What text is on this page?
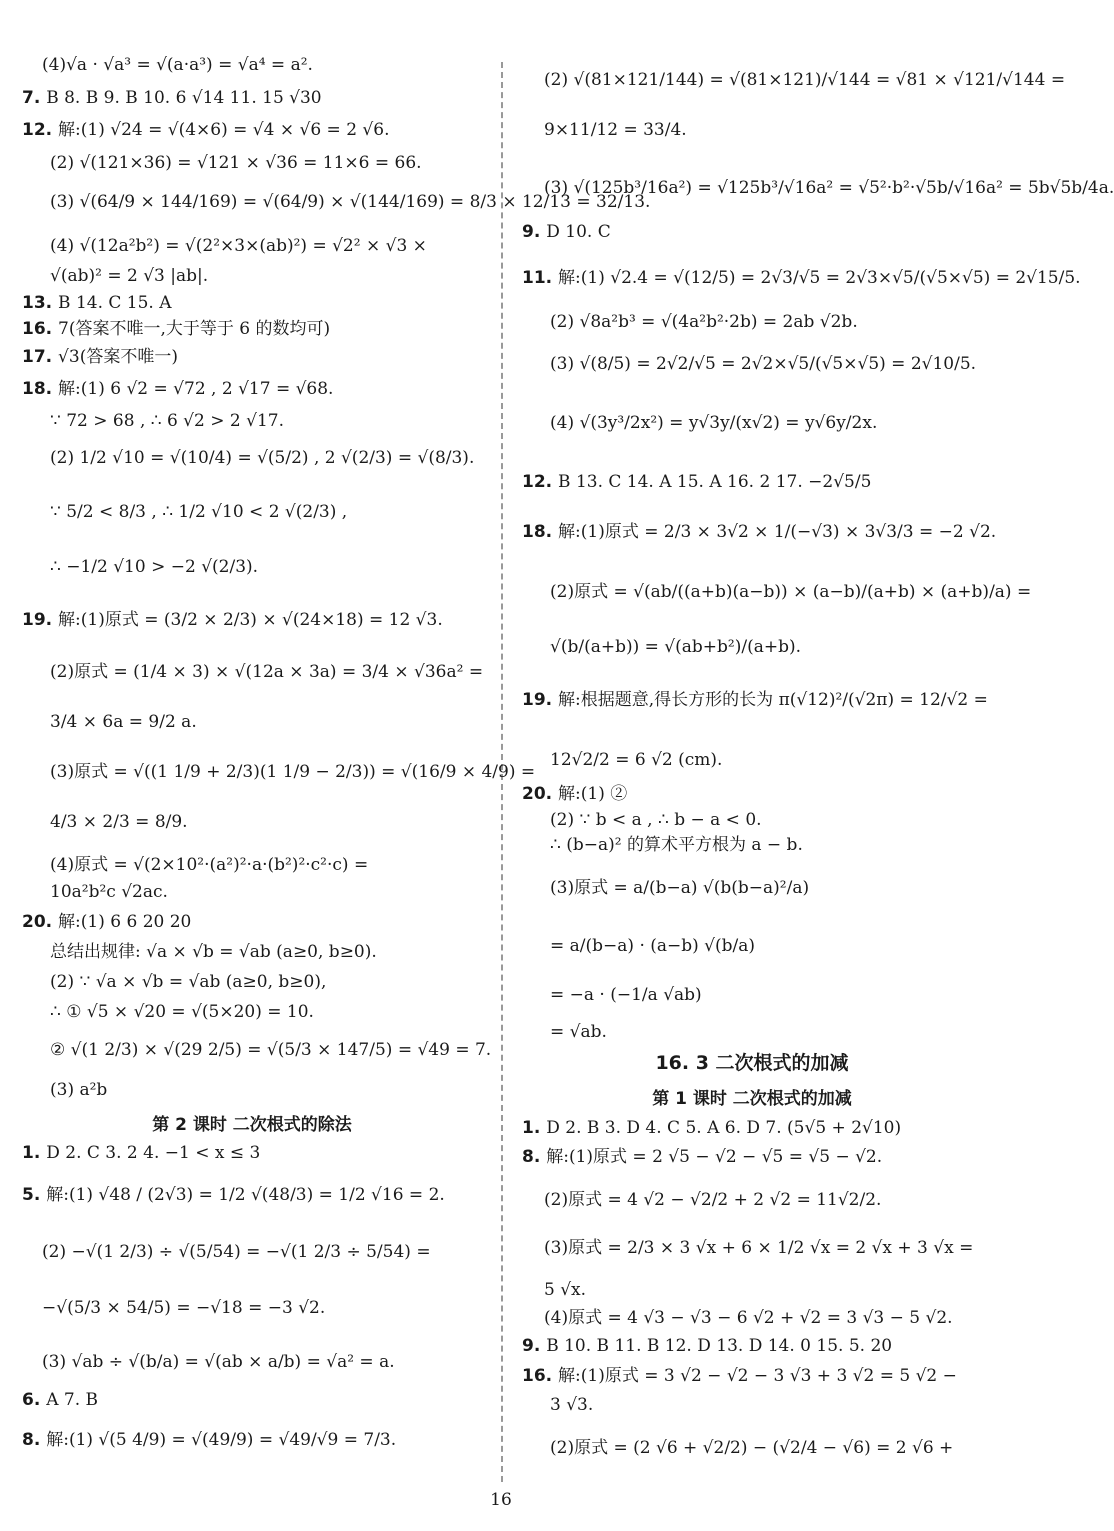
(4)√a · √a³ = √(a·a³) = √a⁴ = a².
7. B 8. B 9. B 10. 6 √14 11. 15 √30
12. 解:(1) √24 = √(4×6) = √4 × √6 = 2 √6.
(2) √(121×36) = √121 × √36 = 11×6 = 66.
(3) √(64/9 × 144/169) = √(64/9) × √(144/169) = 8/3 × 12/13 = 32/13.
(4) √(12a²b²) = √(2²×3×(ab)²) = √2² × √3 ×
√(ab)² = 2 √3 |ab|.
13. B 14. C 15. A
16. 7(答案不唯一,大于等于 6 的数均可)
17. √3(答案不唯一)
18. 解:(1) 6 √2 = √72 , 2 √17 = √68.
∵ 72 > 68 , ∴ 6 √2 > 2 √17.
(2) 1/2 √10 = √(10/4) = √(5/2) , 2 √(2/3) = √(8/3).
∵ 5/2 < 8/3 , ∴ 1/2 √10 < 2 √(2/3) ,
∴ −1/2 √10 > −2 √(2/3).
19. 解:(1)原式 = (3/2 × 2/3) × √(24×18) = 12 √3.
(2)原式 = (1/4 × 3) × √(12a × 3a) = 3/4 × √36a² =
3/4 × 6a = 9/2 a.
(3)原式 = √((1 1/9 + 2/3)(1 1/9 − 2/3)) = √(16/9 × 4/9) =
4/3 × 2/3 = 8/9.
(4)原式 = √(2×10²·(a²)²·a·(b²)²·c²·c) =
10a²b²c √2ac.
20. 解:(1) 6 6 20 20
总结出规律: √a × √b = √ab (a≥0, b≥0).
(2) ∵ √a × √b = √ab (a≥0, b≥0),
∴ ① √5 × √20 = √(5×20) = 10.
② √(1 2/3) × √(29 2/5) = √(5/3 × 147/5) = √49 = 7.
(3) a²b
1. D 2. C 3. 2 4. −1 < x ≤ 3
5. 解:(1) √48 / (2√3) = 1/2 √(48/3) = 1/2 √16 = 2.
(2) −√(1 2/3) ÷ √(5/54) = −√(1 2/3 ÷ 5/54) =
−√(5/3 × 54/5) = −√18 = −3 √2.
(3) √ab ÷ √(b/a) = √(ab × a/b) = √a² = a.
6. A 7. B
8. 解:(1) √(5 4/9) = √(49/9) = √49/√9 = 7/3.
(2) √(81×121/144) = √(81×121)/√144 = √81 × √121/√144 =
9×11/12 = 33/4.
(3) √(125b³/16a²) = √125b³/√16a² = √5²·b²·√5b/√16a² = 5b√5b/4a.
9. D 10. C
11. 解:(1) √2.4 = √(12/5) = 2√3/√5 = 2√3×√5/(√5×√5) = 2√15/5.
(2) √8a²b³ = √(4a²b²·2b) = 2ab √2b.
(3) √(8/5) = 2√2/√5 = 2√2×√5/(√5×√5) = 2√10/5.
(4) √(3y³/2x²) = y√3y/(x√2) = y√6y/2x.
12. B 13. C 14. A 15. A 16. 2 17. −2√5/5
18. 解:(1)原式 = 2/3 × 3√2 × 1/(−√3) × 3√3/3 = −2 √2.
(2)原式 = √(ab/((a+b)(a−b)) × (a−b)/(a+b) × (a+b)/a) =
√(b/(a+b)) = √(ab+b²)/(a+b).
19. 解:根据题意,得长方形的长为 π(√12)²/(√2π) = 12/√2 =
12√2/2 = 6 √2 (cm).
20. 解:(1) ②
(2) ∵ b < a , ∴ b − a < 0.
∴ (b−a)² 的算术平方根为 a − b.
(3)原式 = a/(b−a) √(b(b−a)²/a)
= a/(b−a) · (a−b) √(b/a)
= −a · (−1/a √ab)
= √ab.
1. D 2. B 3. D 4. C 5. A 6. D 7. (5√5 + 2√10)
8. 解:(1)原式 = 2 √5 − √2 − √5 = √5 − √2.
(2)原式 = 4 √2 − √2/2 + 2 √2 = 11√2/2.
(3)原式 = 2/3 × 3 √x + 6 × 1/2 √x = 2 √x + 3 √x =
5 √x.
(4)原式 = 4 √3 − √3 − 6 √2 + √2 = 3 √3 − 5 √2.
9. B 10. B 11. B 12. D 13. D 14. 0 15. 5. 20
16. 解:(1)原式 = 3 √2 − √2 − 3 √3 + 3 √2 = 5 √2 −
3 √3.
(2)原式 = (2 √6 + √2/2) − (√2/4 − √6) = 2 √6 +
第 2 课时 二次根式的除法
16. 3 二次根式的加减
第 1 课时 二次根式的加减
16
